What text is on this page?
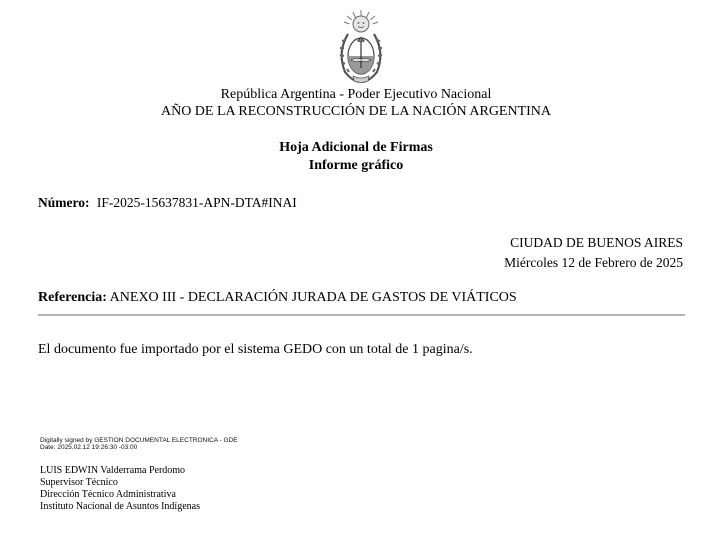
República Argentina - Poder Ejecutivo Nacional
AÑO DE LA RECONSTRUCCIÓN DE LA NACIÓN ARGENTINA
Hoja Adicional de Firmas
Informe gráfico
Número: IF-2025-15637831-APN-DTA#INAI
CIUDAD DE BUENOS AIRES
Miércoles 12 de Febrero de 2025
Referencia: ANEXO III - DECLARACIÓN JURADA DE GASTOS DE VIÁTICOS
El documento fue importado por el sistema GEDO con un total de 1 pagina/s.
Digitally signed by GESTION DOCUMENTAL ELECTRONICA - GDE
Date: 2025.02.12 19:26:30 -03:00
LUIS EDWIN Valderrama Perdomo
Supervisor Técnico
Dirección Técnico Administrativa
Instituto Nacional de Asuntos Indígenas
